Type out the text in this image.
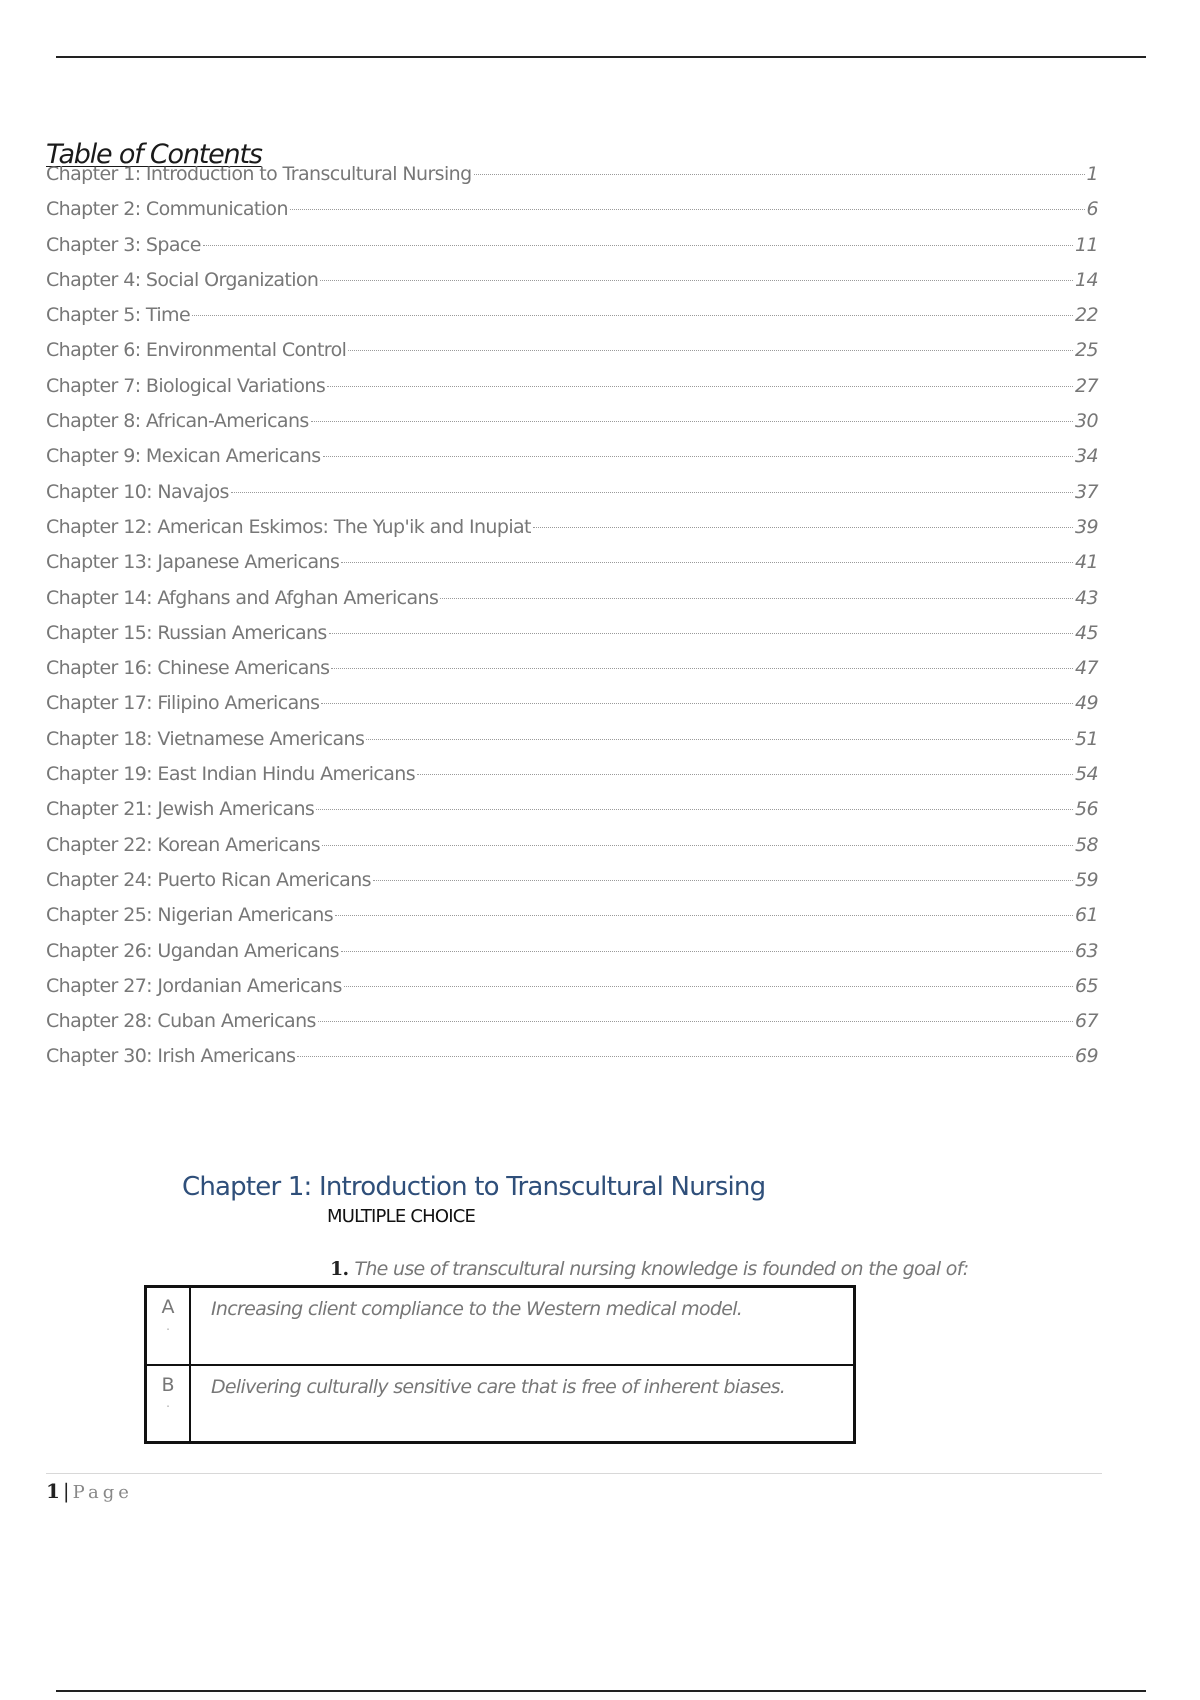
Table of Contents
Chapter 1: Introduction to Transcultural Nursing	1
Chapter 2: Communication	6
Chapter 3: Space	11
Chapter 4: Social Organization	14
Chapter 5: Time	22
Chapter 6: Environmental Control	25
Chapter 7: Biological Variations	27
Chapter 8: African-Americans	30
Chapter 9: Mexican Americans	34
Chapter 10: Navajos	37
Chapter 12: American Eskimos: The Yup'ik and Inupiat	39
Chapter 13: Japanese Americans	41
Chapter 14: Afghans and Afghan Americans	43
Chapter 15: Russian Americans	45
Chapter 16: Chinese Americans	47
Chapter 17: Filipino Americans	49
Chapter 18: Vietnamese Americans	51
Chapter 19: East Indian Hindu Americans	54
Chapter 21: Jewish Americans	56
Chapter 22: Korean Americans	58
Chapter 24: Puerto Rican Americans	59
Chapter 25: Nigerian Americans	61
Chapter 26: Ugandan Americans	63
Chapter 27: Jordanian Americans	65
Chapter 28: Cuban Americans	67
Chapter 30: Irish Americans	69
Chapter 1: Introduction to Transcultural Nursing
MULTIPLE CHOICE
1. The use of transcultural nursing knowledge is founded on the goal of:
A
.	Increasing client compliance to the Western medical model.
B
.	Delivering culturally sensitive care that is free of inherent biases.
1 | Page
